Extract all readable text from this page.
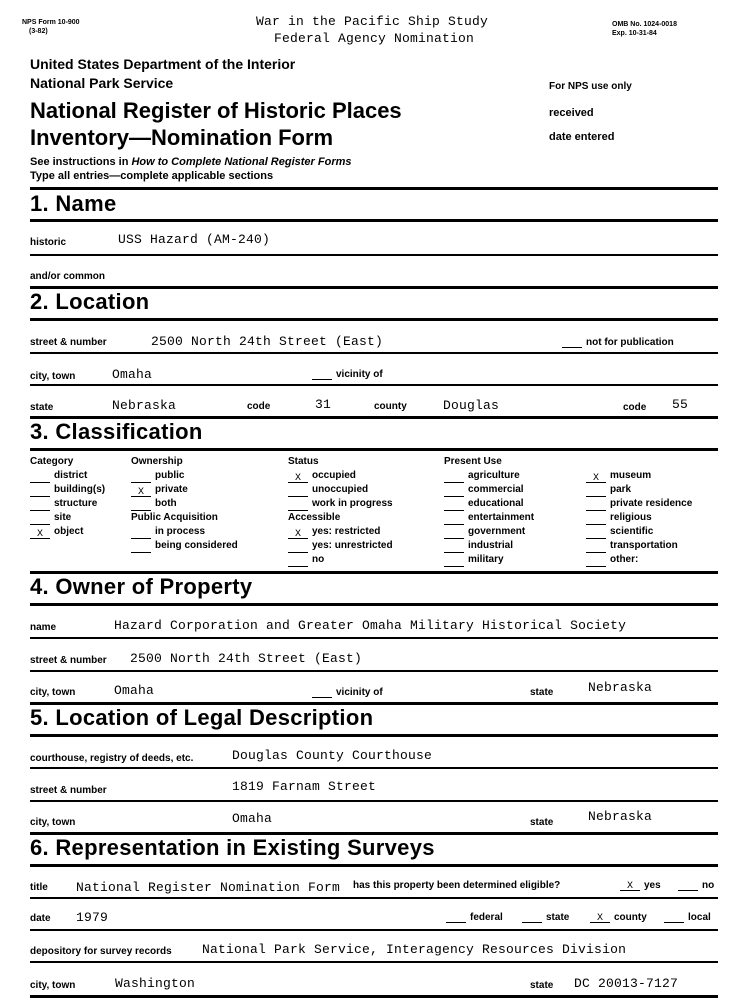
NPS Form 10-900
(3-82)
War in the Pacific Ship Study
Federal Agency Nomination
OMB No. 1024-0018
Exp. 10-31-84
United States Department of the Interior
National Park Service	For NPS use only
received
date entered
National Register of Historic Places
Inventory—Nomination Form
See instructions in How to Complete National Register Forms
Type all entries—complete applicable sections
1. Name
historic	USS Hazard (AM-240)
and/or common
2. Location
street & number	2500 North 24th Street (East)	not for publication
city, town	Omaha	vicinity of
state	Nebraska	code	31	county	Douglas	code 55
3. Classification
Category
district
building(s)
structure
site
X object
Ownership
public
X private
both
Public Acquisition
in process
being considered
Status
X occupied
unoccupied
work in progress
Accessible
X yes: restricted
yes: unrestricted
no
Present Use
agriculture
commercial
educational
entertainment
government
industrial
military
X museum
park
private residence
religious
scientific
transportation
other:
4. Owner of Property
name	Hazard Corporation and Greater Omaha Military Historical Society
street & number 2500 North 24th Street (East)
city, town	Omaha	vicinity of	state	Nebraska
5. Location of Legal Description
courthouse, registry of deeds, etc.	Douglas County Courthouse
street & number	1819 Farnam Street
city, town	Omaha	state	Nebraska
6. Representation in Existing Surveys
title National Register Nomination Form has this property been determined eligible?	X yes	no
date 1979	federal	state	X county	local
depository for survey records National Park Service, Interagency Resources Division
city, town	Washington	state DC 20013-7127
